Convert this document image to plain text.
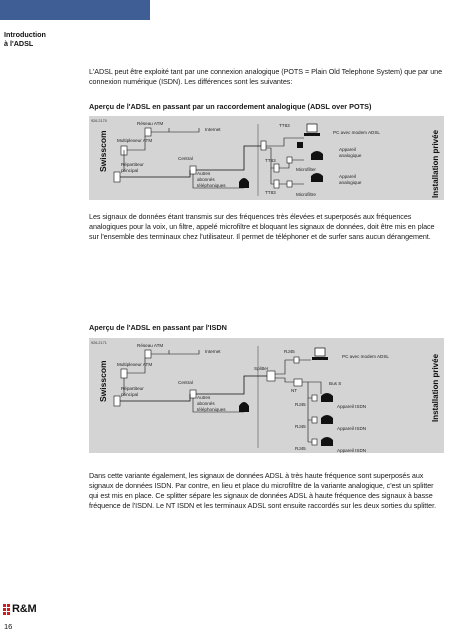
Introduction
à l'ADSL
L'ADSL peut être exploité tant par une connexion analogique (POTS = Plain Old Telephone System) que par une connexion numérique (ISDN). Les différences sont les suivantes:
Aperçu de l'ADSL en passant par un raccordement analogique (ADSL over POTS)
926.2170
Swisscom	Installation privée
Réseau ATM
Internet
Multiplexeur ATM
Central
Répartiteur
principal
Autres
abonnés
téléphoniques
TT83
TT83
TT83
PC avec modem ADSL
Appareil
analogique
Microfilter
Appareil
analogique
Microfiltre
Les signaux de données étant transmis sur des fréquences très élevées et superposés aux fréquences analogiques pour la voix, un filtre, appelé microfiltre et bloquant les signaux de données, doit être mis en place sur l'ensemble des terminaux chez l'utilisateur. Il permet de téléphoner et de surfer sans aucun dérangement.
Aperçu de l'ADSL en passant par l'ISDN
926.2171
Swisscom	Installation privée
Réseau ATM
Internet
Multiplexeur ATM
Central
Répartiteur
principal
Autres
abonnés
téléphoniques
Splitter
RJ45
PC avec modem ADSL
NT
Bus S
RJ45	Appareil ISDN
RJ45	Appareil ISDN
RJ45	Appareil ISDN
Dans cette variante également, les signaux de données ADSL à très haute fréquence sont superposés aux signaux de données ISDN. Par contre, en lieu et place du microfiltre de la variante analogique, c'est un splitter qui est mis en place. Ce splitter sépare les signaux de données ADSL à haute fréquence des signaux à basse fréquence de l'ISDN. Le NT ISDN et les terminaux ADSL sont ensuite raccordés sur les deux sorties du splitter.
R&M
16
